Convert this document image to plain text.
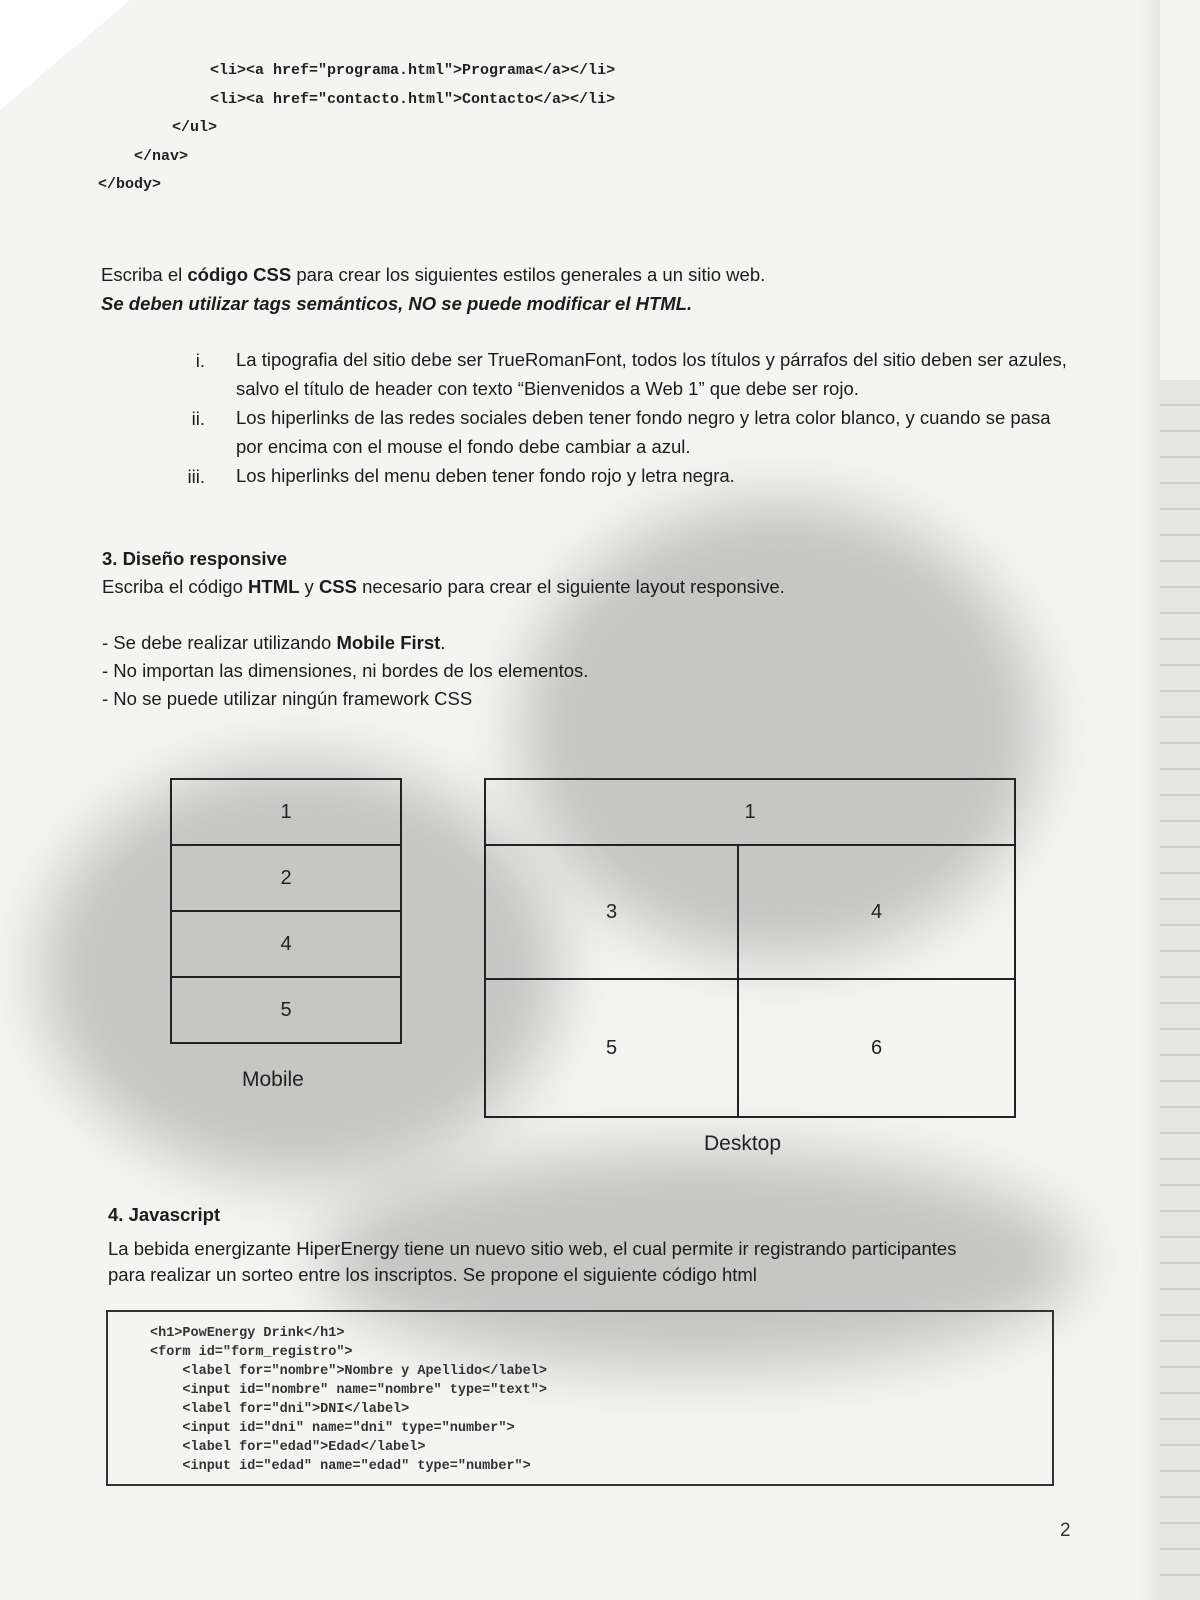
<li><a href="programa.html">Programa</a></li>
<li><a href="contacto.html">Contacto</a></li>
</ul>
</nav>
</body>
Escriba el código CSS para crear los siguientes estilos generales a un sitio web.
Se deben utilizar tags semánticos, NO se puede modificar el HTML.
i. La tipografia del sitio debe ser TrueRomanFont, todos los títulos y párrafos del sitio deben ser azules, salvo el título de header con texto “Bienvenidos a Web 1” que debe ser rojo.
ii. Los hiperlinks de las redes sociales deben tener fondo negro y letra color blanco, y cuando se pasa por encima con el mouse el fondo debe cambiar a azul.
iii. Los hiperlinks del menu deben tener fondo rojo y letra negra.
3. Diseño responsive
Escriba el código HTML y CSS necesario para crear el siguiente layout responsive.
- Se debe realizar utilizando Mobile First.
- No importan las dimensiones, ni bordes de los elementos.
- No se puede utilizar ningún framework CSS
1
2
4
5
Mobile
1
3	4
5	6
Desktop
4. Javascript
La bebida energizante HiperEnergy tiene un nuevo sitio web, el cual permite ir registrando participantes
para realizar un sorteo entre los inscriptos. Se propone el siguiente código html
<h1>PowEnergy Drink</h1>
<form id="form_registro">
<label for="nombre">Nombre y Apellido</label>
<input id="nombre" name="nombre" type="text">
<label for="dni">DNI</label>
<input id="dni" name="dni" type="number">
<label for="edad">Edad</label>
<input id="edad" name="edad" type="number">
2
